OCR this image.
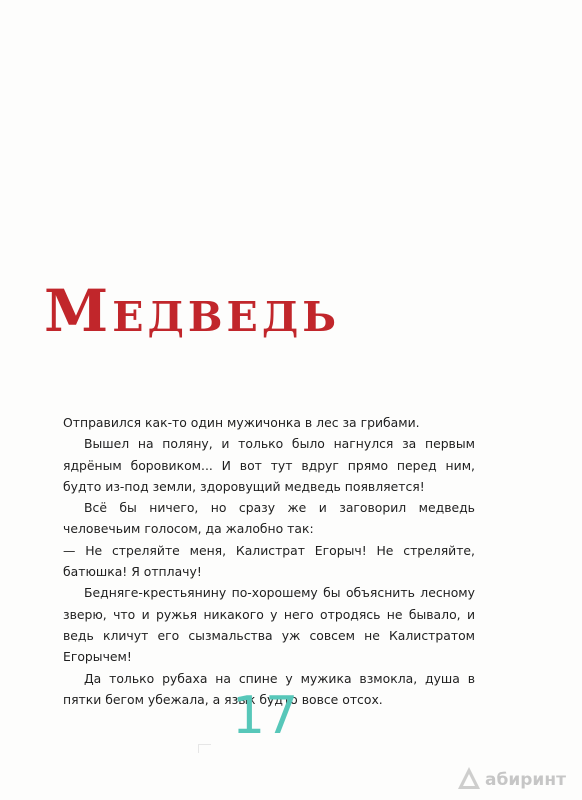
Медведь

Отправился как-то один мужичонка в лес за грибами.

Вышел на поляну, и только было нагнулся за первым ядрёным боровиком... И вот тут вдруг прямо перед ним, будто из-под земли, здоровущий медведь появляется!

Всё бы ничего, но сразу же и заговорил медведь человечьим голосом, да жалобно так:

— Не стреляйте меня, Калистрат Егорыч! Не стреляйте, батюшка! Я отплачу!

Бедняге-крестьянину по-хорошему бы объяснить лесному зверю, что и ружья никакого у него отродясь не бывало, и ведь кличут его сызмальства уж совсем не Калистратом Егорычем!

Да только рубаха на спине у мужика взмокла, душа в пятки бегом убежала, а язык будто вовсе отсох.

17
абиринт
